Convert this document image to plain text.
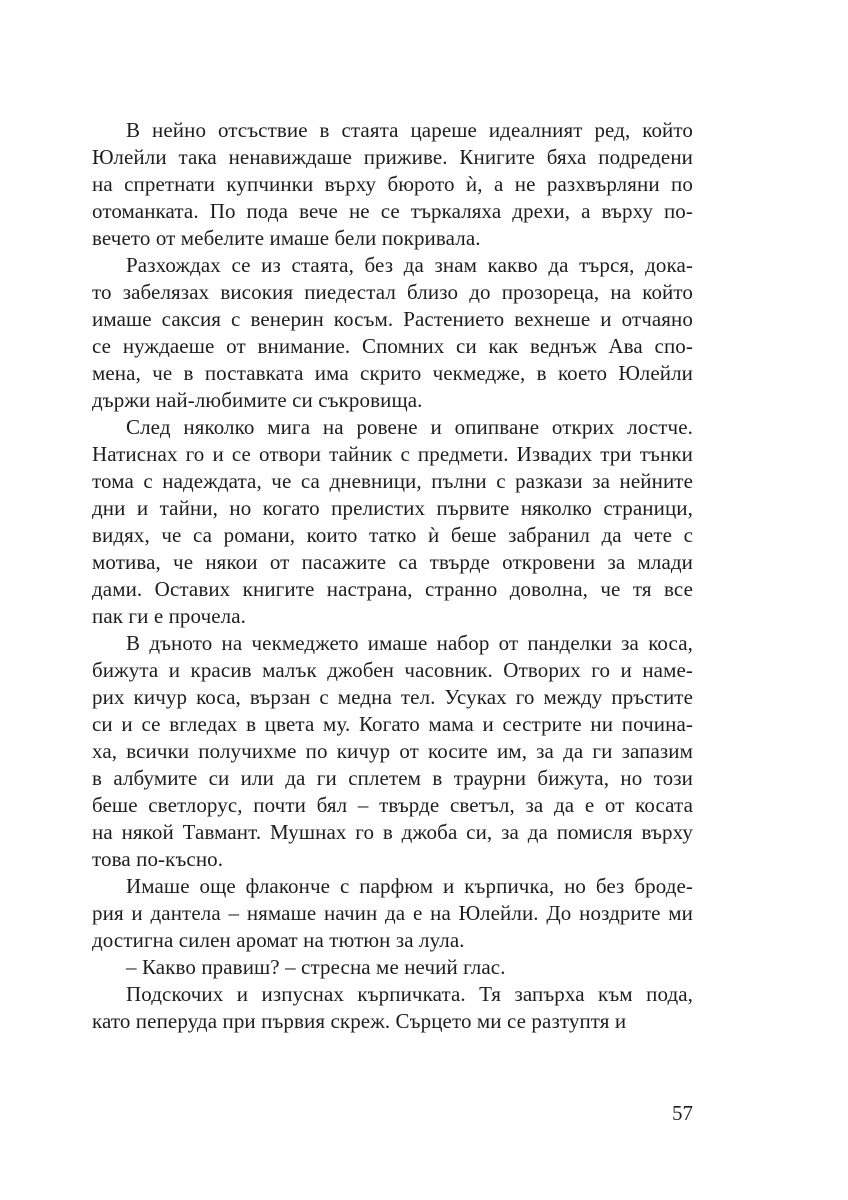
В нейно отсъствие в стаята цареше идеалният ред, който
Юлейли така ненавиждаше приживе. Книгите бяха подредени
на спретнати купчинки върху бюрото ѝ, а не разхвърляни по
отоманката. По пода вече не се търкаляха дрехи, а върху по-
вечето от мебелите имаше бели покривала.
Разхождах се из стаята, без да знам какво да търся, дока-
то забелязах високия пиедестал близо до прозореца, на който
имаше саксия с венерин косъм. Растението вехнеше и отчаяно
се нуждаеше от внимание. Спомних си как веднъж Ава спо-
мена, че в поставката има скрито чекмедже, в което Юлейли
държи най-любимите си съкровища.
След няколко мига на ровене и опипване открих лостче.
Натиснах го и се отвори тайник с предмети. Извадих три тънки
тома с надеждата, че са дневници, пълни с разкази за нейните
дни и тайни, но когато прелистих първите няколко страници,
видях, че са романи, които татко ѝ беше забранил да чете с
мотива, че някои от пасажите са твърде откровени за млади
дами. Оставих книгите настрана, странно доволна, че тя все
пак ги е прочела.
В дъното на чекмеджето имаше набор от панделки за коса,
бижута и красив малък джобен часовник. Отворих го и наме-
рих кичур коса, вързан с медна тел. Усуках го между пръстите
си и се вгледах в цвета му. Когато мама и сестрите ни почина-
ха, всички получихме по кичур от косите им, за да ги запазим
в албумите си или да ги сплетем в траурни бижута, но този
беше светлорус, почти бял – твърде светъл, за да е от косата
на някой Тавмант. Мушнах го в джоба си, за да помисля върху
това по-късно.
Имаше още флаконче с парфюм и кърпичка, но без броде-
рия и дантела – нямаше начин да е на Юлейли. До ноздрите ми
достигна силен аромат на тютюн за лула.
– Какво правиш? – стресна ме нечий глас.
Подскочих и изпуснах кърпичката. Тя запърха към пода,
като пеперуда при първия скреж. Сърцето ми се разтуптя и
57
